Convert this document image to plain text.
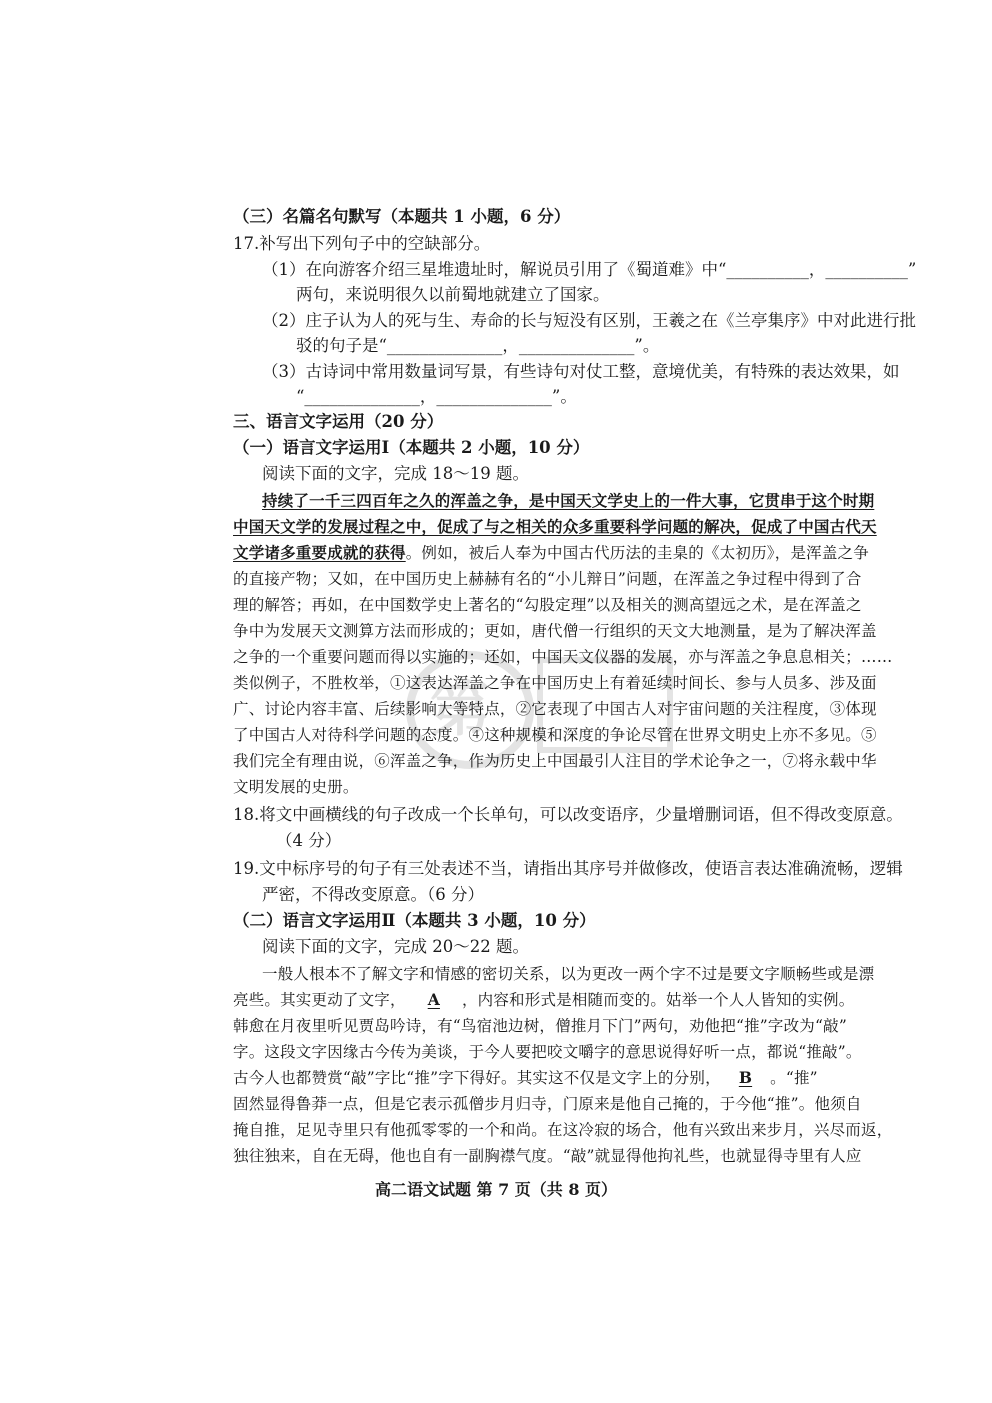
第
（三）名篇名句默写（本题共 1 小题，6 分）
17.补写出下列句子中的空缺部分。
（1）在向游客介绍三星堆遗址时，解说员引用了《蜀道难》中“__________，__________”
两句，来说明很久以前蜀地就建立了国家。
（2）庄子认为人的死与生、寿命的长与短没有区别，王羲之在《兰亭集序》中对此进行批
驳的句子是“______________，______________”。
（3）古诗词中常用数量词写景，有些诗句对仗工整，意境优美，有特殊的表达效果，如
“______________，______________”。
三、语言文字运用（20 分）
（一）语言文字运用Ⅰ（本题共 2 小题，10 分）
阅读下面的文字，完成 18～19 题。
持续了一千三四百年之久的浑盖之争，是中国天文学史上的一件大事，它贯串于这个时期
中国天文学的发展过程之中，促成了与之相关的众多重要科学问题的解决，促成了中国古代天
文学诸多重要成就的获得。例如，被后人奉为中国古代历法的圭臬的《太初历》，是浑盖之争
的直接产物；又如，在中国历史上赫赫有名的“小儿辩日”问题，在浑盖之争过程中得到了合
理的解答；再如，在中国数学史上著名的“勾股定理”以及相关的测高望远之术，是在浑盖之
争中为发展天文测算方法而形成的；更如，唐代僧一行组织的天文大地测量，是为了解决浑盖
之争的一个重要问题而得以实施的；还如，中国天文仪器的发展，亦与浑盖之争息息相关；……
类似例子，不胜枚举，①这表达浑盖之争在中国历史上有着延续时间长、参与人员多、涉及面
广、讨论内容丰富、后续影响大等特点，②它表现了中国古人对宇宙问题的关注程度，③体现
了中国古人对待科学问题的态度。④这种规模和深度的争论尽管在世界文明史上亦不多见。⑤
我们完全有理由说，⑥浑盖之争，作为历史上中国最引人注目的学术论争之一，⑦将永载中华
文明发展的史册。
18.将文中画横线的句子改成一个长单句，可以改变语序，少量增删词语，但不得改变原意。
（4 分）
19.文中标序号的句子有三处表述不当，请指出其序号并做修改，使语言表达准确流畅，逻辑
严密，不得改变原意。（6 分）
（二）语言文字运用Ⅱ（本题共 3 小题，10 分）
阅读下面的文字，完成 20～22 题。
一般人根本不了解文字和情感的密切关系，以为更改一两个字不过是要文字顺畅些或是漂
亮些。其实更动了文字， A ，内容和形式是相随而变的。姑举一个人人皆知的实例。
韩愈在月夜里听见贾岛吟诗，有“鸟宿池边树，僧推月下门”两句，劝他把“推”字改为“敲”
字。这段文字因缘古今传为美谈，于今人要把咬文嚼字的意思说得好听一点，都说“推敲”。
古今人也都赞赏“敲”字比“推”字下得好。其实这不仅是文字上的分别， B 。“推”
固然显得鲁莽一点，但是它表示孤僧步月归寺，门原来是他自己掩的，于今他“推”。他须自
掩自推，足见寺里只有他孤零零的一个和尚。在这冷寂的场合，他有兴致出来步月，兴尽而返，
独往独来，自在无碍，他也自有一副胸襟气度。“敲”就显得他拘礼些，也就显得寺里有人应
高二语文试题 第 7 页（共 8 页）
